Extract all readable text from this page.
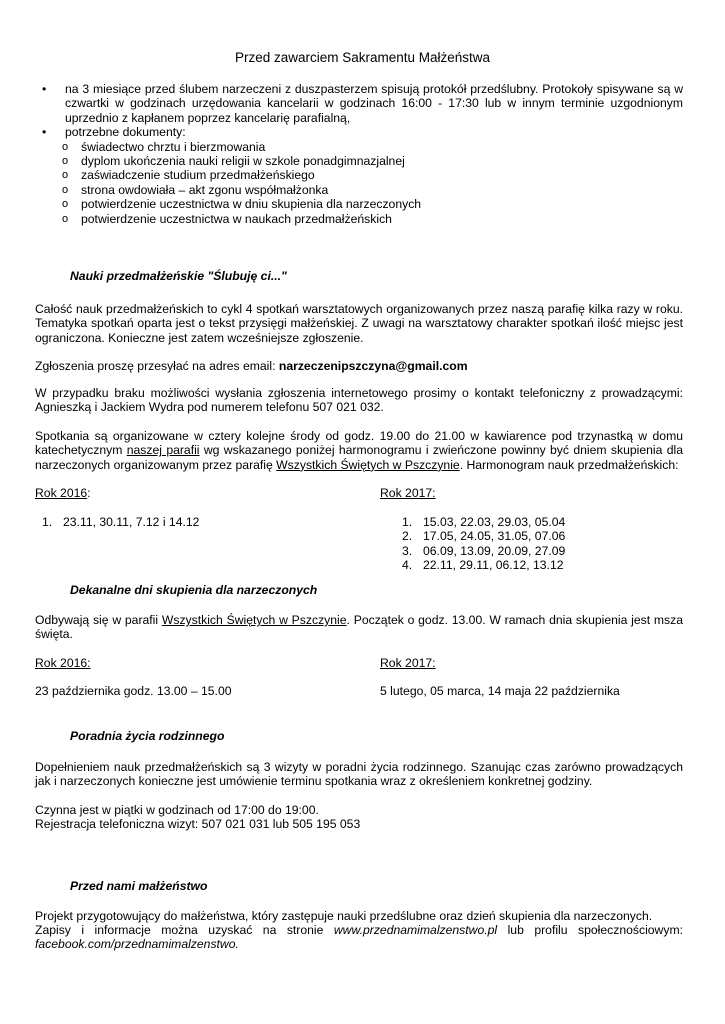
Przed zawarciem Sakramentu Małżeństwa
• na 3 miesiące przed ślubem narzeczeni z duszpasterzem spisują protokół przedślubny. Protokoły spisywane są w czwartki w godzinach urzędowania kancelarii w godzinach 16:00 - 17:30 lub w innym terminie uzgodnionym uprzednio z kapłanem poprzez kancelarię parafialną,
• potrzebne dokumenty:
o świadectwo chrztu i bierzmowania
o dyplom ukończenia nauki religii w szkole ponadgimnazjalnej
o zaświadczenie studium przedmałżeńskiego
o strona owdowiała – akt zgonu współmałżonka
o potwierdzenie uczestnictwa w dniu skupienia dla narzeczonych
o potwierdzenie uczestnictwa w naukach przedmałżeńskich
Nauki przedmałżeńskie "Ślubuję ci..."
Całość nauk przedmałżeńskich to cykl 4 spotkań warsztatowych organizowanych przez naszą parafię kilka razy w roku. Tematyka spotkań oparta jest o tekst przysięgi małżeńskiej. Z uwagi na warsztatowy charakter spotkań ilość miejsc jest ograniczona. Konieczne jest zatem wcześniejsze zgłoszenie.
Zgłoszenia proszę przesyłać na adres email: narzeczenipszczyna@gmail.com
W przypadku braku możliwości wysłania zgłoszenia internetowego prosimy o kontakt telefoniczny z prowadzącymi: Agnieszką i Jackiem Wydra pod numerem telefonu 507 021 032.
Spotkania są organizowane w cztery kolejne środy od godz. 19.00 do 21.00 w kawiarence pod trzynastką w domu katechetycznym naszej parafii wg wskazanego poniżej harmonogramu i zwieńczone powinny być dniem skupienia dla narzeczonych organizowanym przez parafię Wszystkich Świętych w Pszczynie. Harmonogram nauk przedmałżeńskich:
Rok 2016:	Rok 2017:
1. 23.11, 30.11, 7.12 i 14.12	1. 15.03, 22.03, 29.03, 05.04
2. 17.05, 24.05, 31.05, 07.06
3. 06.09, 13.09, 20.09, 27.09
4. 22.11, 29.11, 06.12, 13.12
Dekanalne dni skupienia dla narzeczonych
Odbywają się w parafii Wszystkich Świętych w Pszczynie. Początek o godz. 13.00. W ramach dnia skupienia jest msza święta.
Rok 2016:	Rok 2017:
23 października godz. 13.00 – 15.00	5 lutego, 05 marca, 14 maja 22 października
Poradnia życia rodzinnego
Dopełnieniem nauk przedmałżeńskich są 3 wizyty w poradni życia rodzinnego. Szanując czas zarówno prowadzących jak i narzeczonych konieczne jest umówienie terminu spotkania wraz z określeniem konkretnej godziny.
Czynna jest w piątki w godzinach od 17:00 do 19:00.
Rejestracja telefoniczna wizyt: 507 021 031 lub 505 195 053
Przed nami małżeństwo
Projekt przygotowujący do małżeństwa, który zastępuje nauki przedślubne oraz dzień skupienia dla narzeczonych.
Zapisy i informacje można uzyskać na stronie www.przednamimalzenstwo.pl lub profilu społecznościowym: facebook.com/przednamimalzenstwo.
